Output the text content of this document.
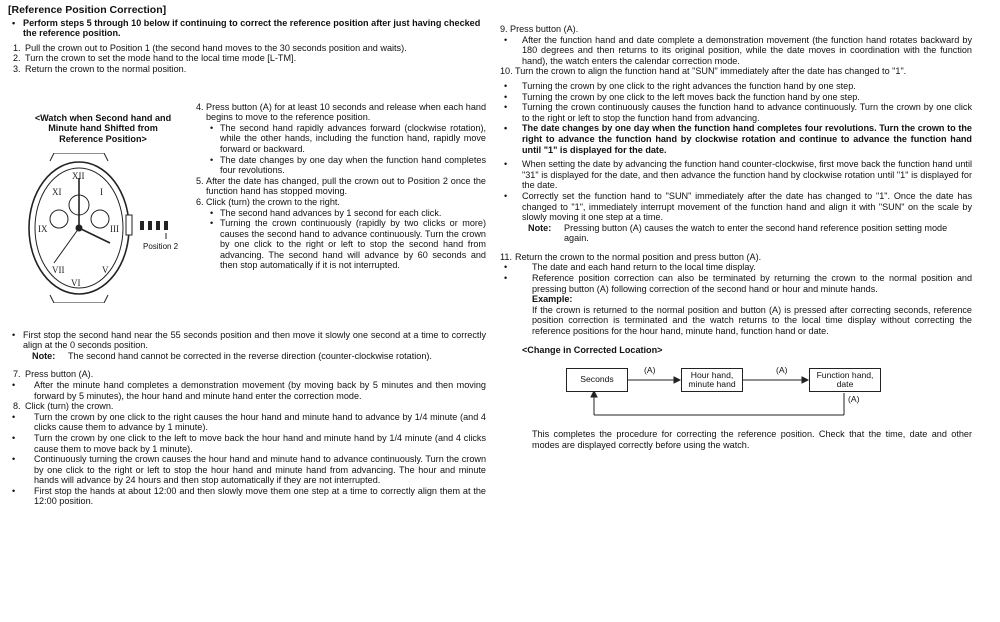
[Reference Position Correction]

• Perform steps 5 through 10 below if continuing to correct the reference position after just having checked the reference position.

1. Pull the crown out to Position 1 (the second hand moves to the 30 seconds position and waits).

2. Turn the crown to set the mode hand to the local time mode [L-TM].

3. Return the crown to the normal position.

<Watch when Second hand and Minute hand Shifted from Reference Position>

XII
IX	III
VI
XI	I
VII	V
Position 2

4. Press button (A) for at least 10 seconds and release when each hand begins to move to the reference position.

• The second hand rapidly advances forward (clockwise rotation), while the other hands, including the function hand, rapidly move forward or backward.

• The date changes by one day when the function hand completes four revolutions.

5. After the date has changed, pull the crown out to Position 2 once the function hand has stopped moving.

6. Click (turn) the crown to the right.

• The second hand advances by 1 second for each click.

• Turning the crown continuously (rapidly by two clicks or more) causes the second hand to advance continuously. Turn the crown by one click to the right or left to stop the second hand from advancing. The second hand will advance by 60 seconds and then stop automatically if it is not interrupted.

• First stop the second hand near the 55 seconds position and then move it slowly one second at a time to correctly align at the 0 seconds position.

Note:	The second hand cannot be corrected in the reverse direction (counter-clockwise rotation).

7. Press button (A).

• After the minute hand completes a demonstration movement (by moving back by 5 minutes and then moving forward by 5 minutes), the hour hand and minute hand enter the correction mode.

8. Click (turn) the crown.

• Turn the crown by one click to the right causes the hour hand and minute hand to advance by 1/4 minute (and 4 clicks cause them to advance by 1 minute).

• Turn the crown by one click to the left to move back the hour hand and minute hand by 1/4 minute (and 4 clicks cause them to move back by 1 minute).

• Continuously turning the crown causes the hour hand and minute hand to advance continuously. Turn the crown by one click to the right or left to stop the hour hand and minute hand from advancing. The hour and minute hands will advance by 24 hours and then stop automatically if they are not interrupted.

• First stop the hands at about 12:00 and then slowly move them one step at a time to correctly align them at the 12:00 position.

9. Press button (A).

• After the function hand and date complete a demonstration movement (the function hand rotates backward by 180 degrees and then returns to its original position, while the date moves in coordination with the function hand), the watch enters the calendar correction mode.

10. Turn the crown to align the function hand at "SUN" immediately after the date has changed to "1".

• Turning the crown by one click to the right advances the function hand by one step.

• Turning the crown by one click to the left moves back the function hand by one step.

• Turning the crown continuously causes the function hand to advance continuously. Turn the crown by one click to the right or left to stop the function hand from advancing.

• The date changes by one day when the function hand completes four revolutions. Turn the crown to the right to advance the function hand by clockwise rotation and continue to advance the function hand until "1" is displayed for the date.

• When setting the date by advancing the function hand counter-clockwise, first move back the function hand until "31" is displayed for the date, and then advance the function hand by clockwise rotation until "1" is displayed for the date.

• Correctly set the function hand to "SUN" immediately after the date has changed to "1". Once the date has changed to "1", immediately interrupt movement of the function hand and align it with "SUN" on the scale by slowly moving it one step at a time.

Note:	Pressing button (A) causes the watch to enter the second hand reference position setting mode again.

11. Return the crown to the normal position and press button (A).

• The date and each hand return to the local time display.

• Reference position correction can also be terminated by returning the crown to the normal position and pressing button (A) following correction of the second hand or hour and minute hands.

Example:

If the crown is returned to the normal position and button (A) is pressed after correcting seconds, reference position correction is terminated and the watch returns to the local time display without correcting the reference positions for the hour hand, minute hand, function hand or date.

<Change in Corrected Location>

Seconds	Hour hand, minute hand
Function hand, date
(A)	(A)
(A)

This completes the procedure for correcting the reference position. Check that the time, date and other modes are displayed correctly before using the watch.
